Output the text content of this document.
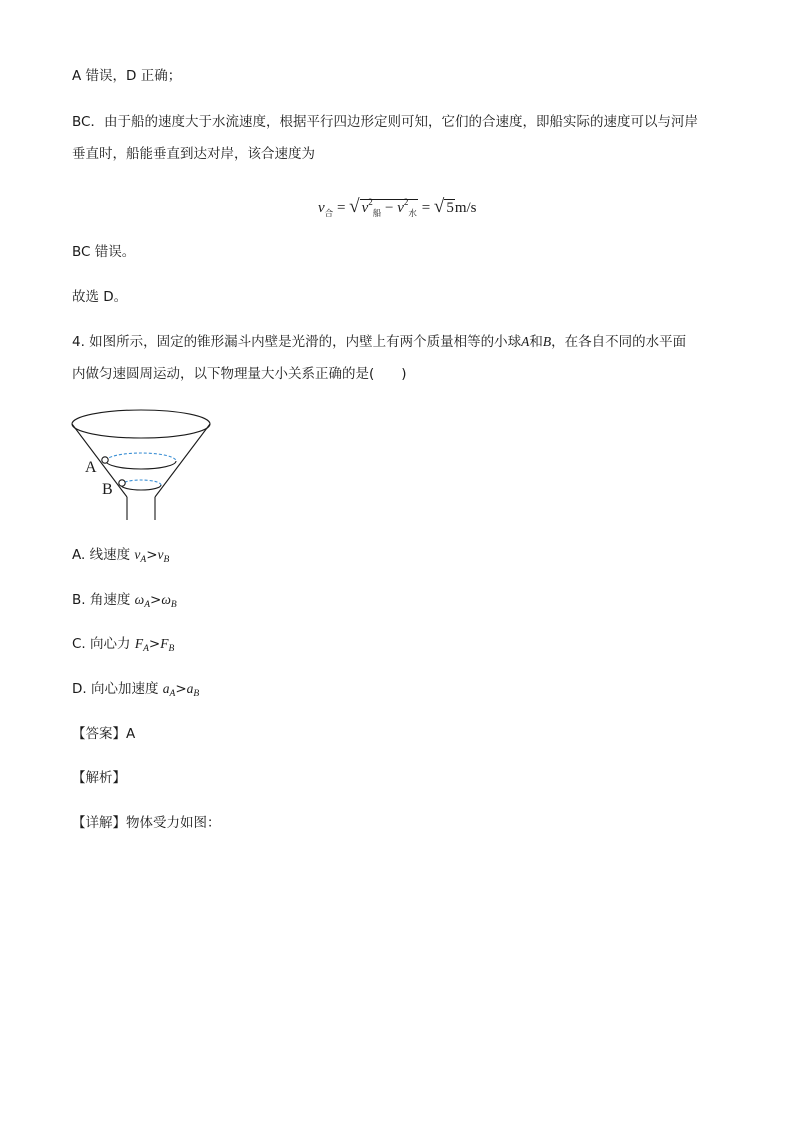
A 错误，D 正确；
BC．由于船的速度大于水流速度，根据平行四边形定则可知，它们的合速度，即船实际的速度可以与河岸
垂直时，船能垂直到达对岸，该合速度为
$v_合$ = √ $v^2_船 - v^2_水$ = √ 5m/s
BC 错误。
故选 D。
4. 如图所示，固定的锥形漏斗内壁是光滑的，内壁上有两个质量相等的小球A和B，在各自不同的水平面
内做匀速圆周运动，以下物理量大小关系正确的是(　　)
A
B
A. 线速度 $v_A>v_B$
B. 角速度 $\omega_A>\omega_B$
C. 向心力 $F_A>F_B$
D. 向心加速度 $a_A>a_B$
【答案】A
【解析】
【详解】物体受力如图：
